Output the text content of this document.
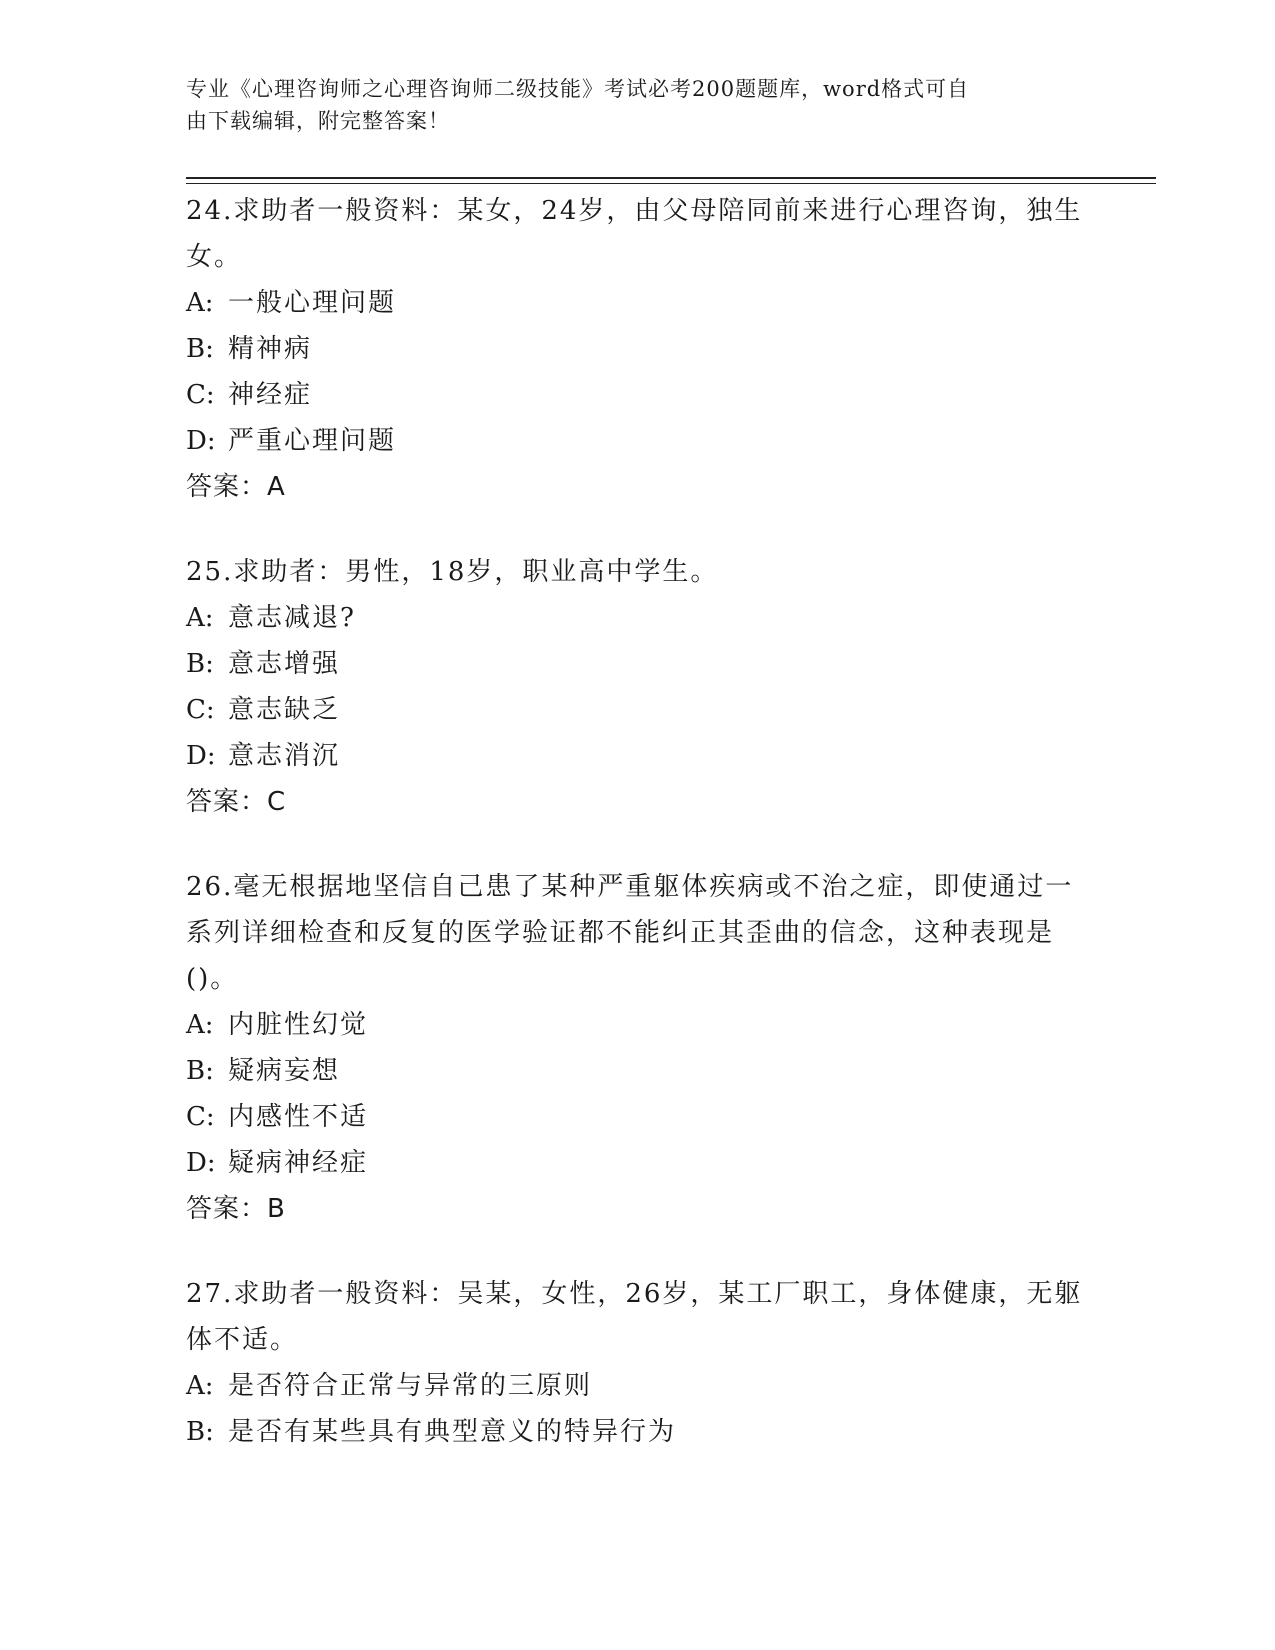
专业《心理咨询师之心理咨询师二级技能》考试必考200题题库，word格式可自
由下载编辑，附完整答案！

24.求助者一般资料：某女，24岁，由父母陪同前来进行心理咨询，独生女。

A: 一般心理问题

B: 精神病

C: 神经症

D: 严重心理问题

答案：A

25.求助者：男性，18岁，职业高中学生。

A: 意志减退?

B: 意志增强

C: 意志缺乏

D: 意志消沉

答案：C

26.毫无根据地坚信自己患了某种严重躯体疾病或不治之症，即使通过一系列详细检查和反复的医学验证都不能纠正其歪曲的信念，这种表现是()。

A: 内脏性幻觉

B: 疑病妄想

C: 内感性不适

D: 疑病神经症

答案：B

27.求助者一般资料：吴某，女性，26岁，某工厂职工，身体健康，无躯体不适。

A: 是否符合正常与异常的三原则

B: 是否有某些具有典型意义的特异行为
